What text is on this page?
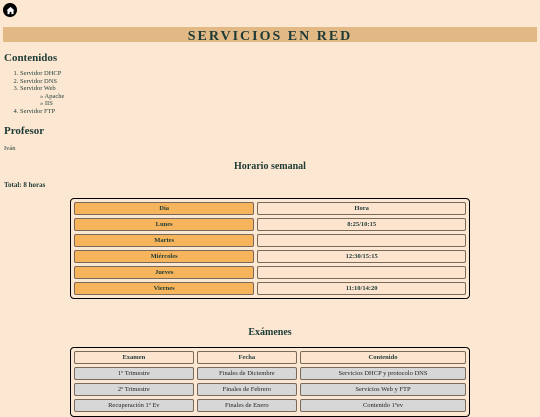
SERVICIOS EN RED
Contenidos
1. Servidor DHCP
2. Servidor DNS
3. Servidor Web
» Apache
» IIS
4. Servidor FTP
Profesor
Iván
Horario semanal
Total: 8 horas
Día	Hora
Lunes	8:25/10:15
Martes	
Miércoles	12:30/15:15
Jueves	
Viernes	11:10/14:20
Exámenes
Examen	Fecha	Contenido
1º Trimestre	Finales de Diciembre	Servicios DHCP y protocolo DNS
2º Trimestre	Finales de Febrero	Servicios Web y FTP
Recuperación 1º Ev	Finales de Enero	Contenido 1ºev
